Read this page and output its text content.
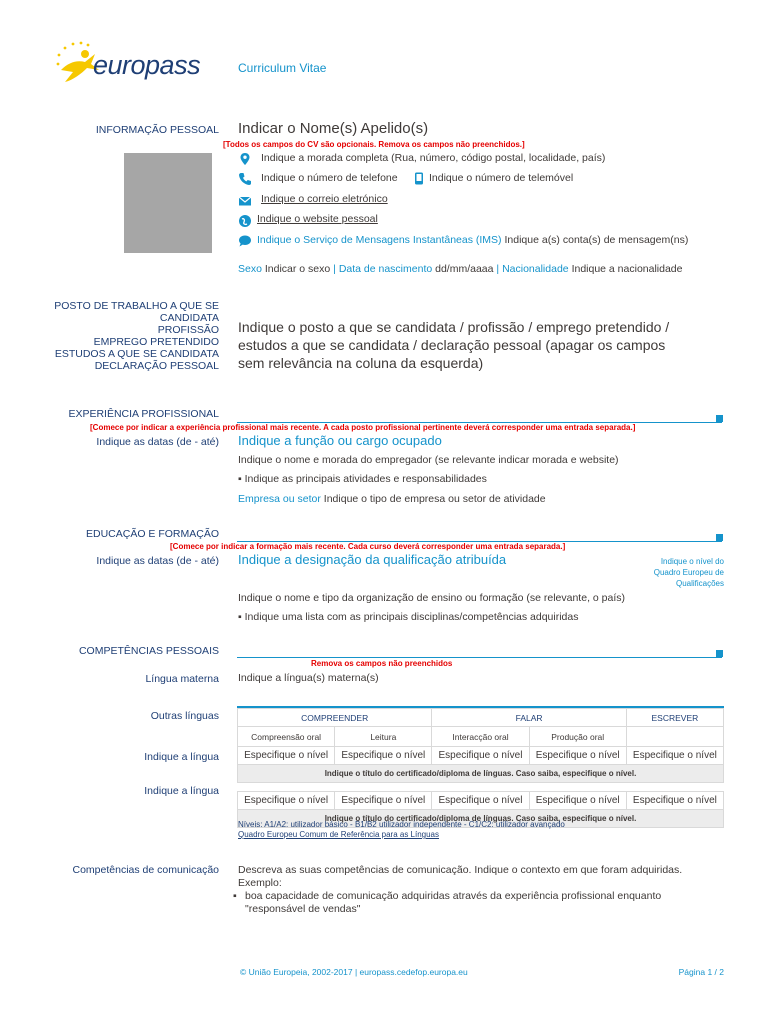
europass	Curriculum Vitae
INFORMAÇÃO PESSOAL Indicar o Nome(s) Apelido(s)
[Todos os campos do CV são opcionais. Remova os campos não preenchidos.]
Indique a morada completa (Rua, número, código postal, localidade, país)
Indique o número de telefone	Indique o número de telemóvel
Indique o correio eletrónico
Indique o website pessoal
Indique o Serviço de Mensagens Instantâneas (IMS) Indique a(s) conta(s) de mensagem(ns)
Sexo Indicar o sexo | Data de nascimento dd/mm/aaaa | Nacionalidade Indique a nacionalidade
POSTO DE TRABALHO A QUE SE CANDIDATA
PROFISSÃO
EMPREGO PRETENDIDO
ESTUDOS A QUE SE CANDIDATA
DECLARAÇÃO PESSOAL
Indique o posto a que se candidata / profissão / emprego pretendido / estudos a que se candidata / declaração pessoal (apagar os campos sem relevância na coluna da esquerda)
EXPERIÊNCIA PROFISSIONAL
[Comece por indicar a experiência profissional mais recente. A cada posto profissional pertinente deverá corresponder uma entrada separada.]
Indique as datas (de - até) Indique a função ou cargo ocupado
Indique o nome e morada do empregador (se relevante indicar morada e website)
▪ Indique as principais atividades e responsabilidades
Empresa ou setor Indique o tipo de empresa ou setor de atividade
EDUCAÇÃO E FORMAÇÃO
[Comece por indicar a formação mais recente. Cada curso deverá corresponder uma entrada separada.]
Indique as datas (de - até) Indique a designação da qualificação atribuída	Indique o nível do Quadro Europeu de Qualificações
Indique o nome e tipo da organização de ensino ou formação (se relevante, o país)
▪ Indique uma lista com as principais disciplinas/competências adquiridas
COMPETÊNCIAS PESSOAIS
Remova os campos não preenchidos
Língua materna Indique a língua(s) materna(s)
Outras línguas	COMPREENDER		FALAR		ESCREVER
Compreensão oral	Leitura	Interacção oral	Produção oral	
Especifique o nível	Especifique o nível	Especifique o nível	Especifique o nível	Especifique o nível
Indique o título do certificado/diploma de línguas. Caso saiba, especifique o nível.				

Especifique o nível	Especifique o nível	Especifique o nível	Especifique o nível	Especifique o nível
Indique o título do certificado/diploma de línguas. Caso saiba, especifique o nível.				
Indique a língua
Indique a língua
Níveis: A1/A2: utilizador básico - B1/B2 utilizador independente - C1/C2: utilizador avançado
Quadro Europeu Comum de Referência para as Línguas
Competências de comunicação Descreva as suas competências de comunicação. Indique o contexto em que foram adquiridas.
Exemplo:
▪ boa capacidade de comunicação adquiridas através da experiência profissional enquanto "responsável de vendas"
© União Europeia, 2002-2017 | europass.cedefop.europa.eu	Página 1 / 2
